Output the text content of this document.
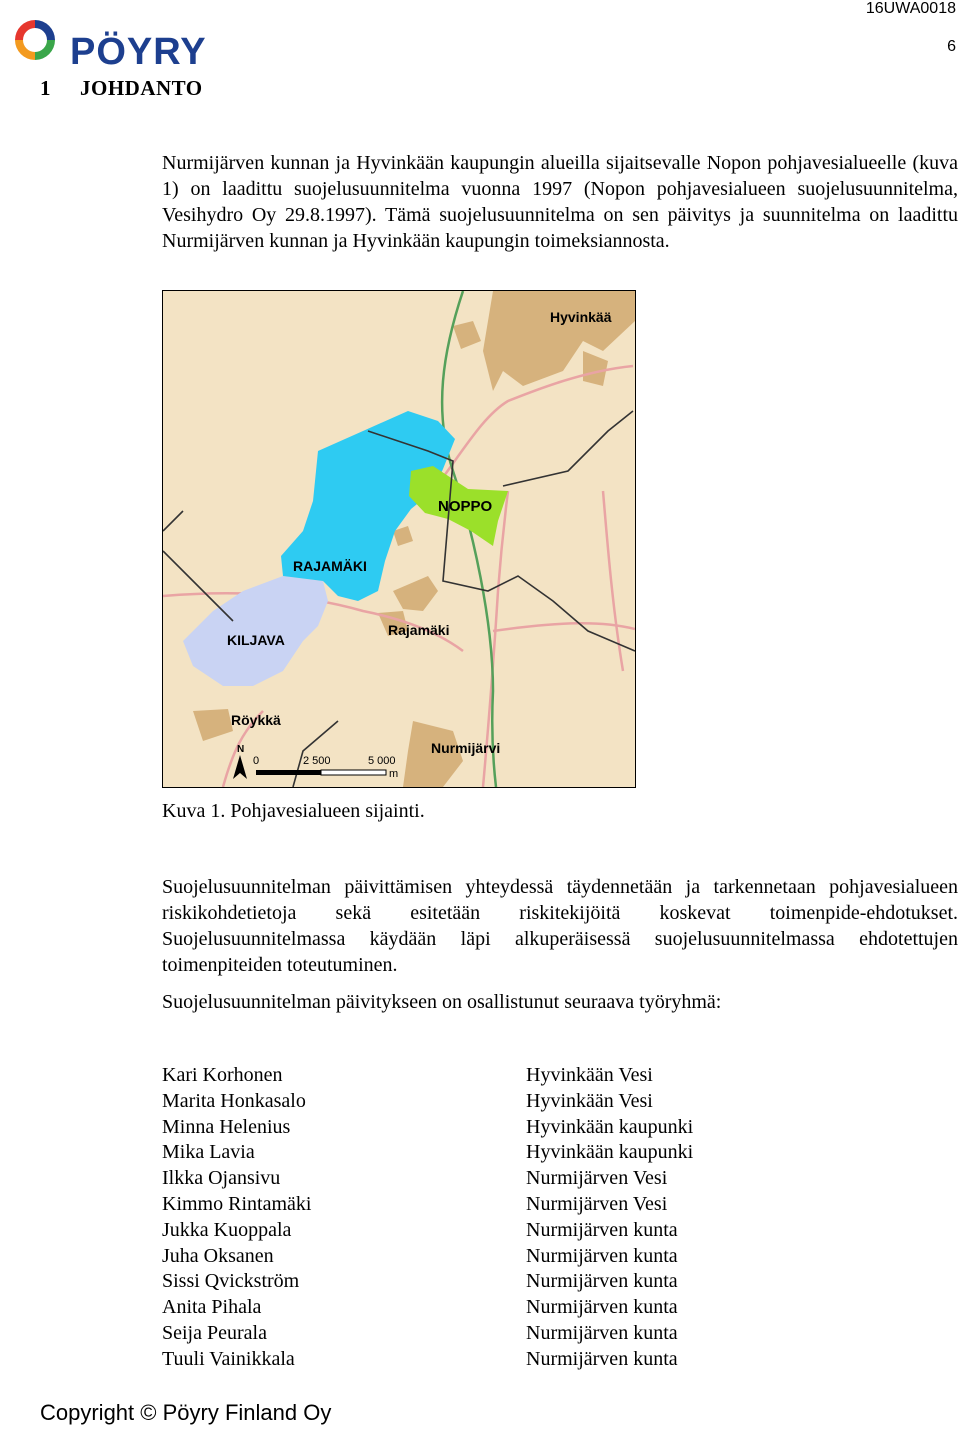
PÖYRY
16UWA0018
6
1 JOHDANTO
Nurmijärven kunnan ja Hyvinkään kaupungin alueilla sijaitsevalle Nopon pohjavesialueelle (kuva 1) on laadittu suojelusuunnitelma vuonna 1997 (Nopon pohjavesialueen suojelusuunnitelma, Vesihydro Oy 29.8.1997). Tämä suojelusuunnitelma on sen päivitys ja suunnitelma on laadittu Nurmijärven kunnan ja Hyvinkään kaupungin toimeksiannosta.
Hyvinkää
NOPPO
RAJAMÄKI
KILJAVA
Rajamäki
Röykkä
Nurmijärvi
N
0	2 500	5 000
m
Kuva 1. Pohjavesialueen sijainti.
Suojelusuunnitelman päivittämisen yhteydessä täydennetään ja tarkennetaan pohjavesialueen riskikohdetietoja sekä esitetään riskitekijöitä koskevat toimenpide-ehdotukset. Suojelusuunnitelmassa käydään läpi alkuperäisessä suojelusuunnitelmassa ehdotettujen toimenpiteiden toteutuminen.
Suojelusuunnitelman päivitykseen on osallistunut seuraava työryhmä:
Kari Korhonen
Marita Honkasalo
Minna Helenius
Mika Lavia
Ilkka Ojansivu
Kimmo Rintamäki
Jukka Kuoppala
Juha Oksanen
Sissi Qvickström
Anita Pihala
Seija Peurala
Tuuli Vainikkala
Hyvinkään Vesi
Hyvinkään Vesi
Hyvinkään kaupunki
Hyvinkään kaupunki
Nurmijärven Vesi
Nurmijärven Vesi
Nurmijärven kunta
Nurmijärven kunta
Nurmijärven kunta
Nurmijärven kunta
Nurmijärven kunta
Nurmijärven kunta
Copyright © Pöyry Finland Oy
